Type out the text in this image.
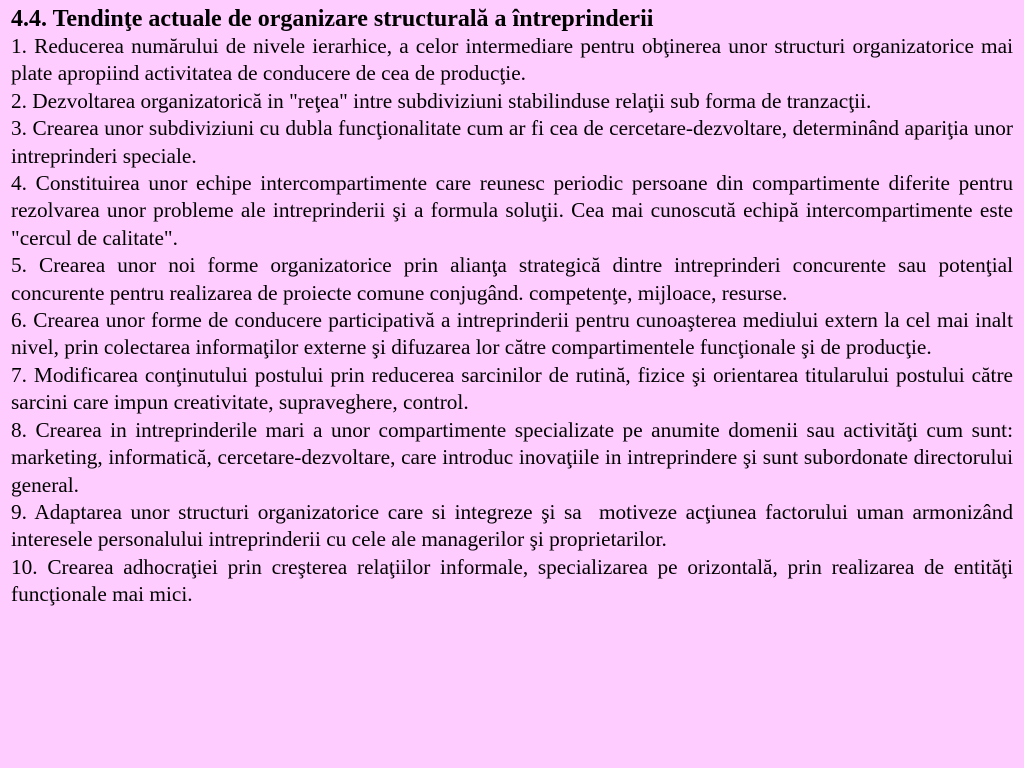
4.4. Tendinţe actuale de organizare structurală a întreprinderii

1. Reducerea numărului de nivele ierarhice, a celor intermediare pentru obţinerea unor structuri organizatorice mai plate apropiind activitatea de conducere de cea de producţie.

2. Dezvoltarea organizatorică in "reţea" intre subdiviziuni stabilinduse relaţii sub forma de tranzacţii.

3. Crearea unor subdiviziuni cu dubla funcţionalitate cum ar fi cea de cercetare-dezvoltare, determinând apariţia unor intreprinderi speciale.

4. Constituirea unor echipe intercompartimente care reunesc periodic persoane din compartimente diferite pentru rezolvarea unor probleme ale intreprinderii şi a formula soluţii. Cea mai cunoscută echipă intercompartimente este "cercul de calitate".

5. Crearea unor noi forme organizatorice prin alianţa strategică dintre intreprinderi concurente sau potenţial concurente pentru realizarea de proiecte comune conjugând. competenţe, mijloace, resurse.

6. Crearea unor forme de conducere participativă a intreprinderii pentru cunoaşterea mediului extern la cel mai inalt nivel, prin colectarea informaţilor externe şi difuzarea lor către compartimentele funcţionale şi de producţie.

7. Modificarea conţinutului postului prin reducerea sarcinilor de rutină, fizice şi orientarea titularului postului către sarcini care impun creativitate, supraveghere, control.

8. Crearea in intreprinderile mari a unor compartimente specializate pe anumite domenii sau activităţi cum sunt: marketing, informatică, cercetare-dezvoltare, care introduc inovaţiile in intreprindere şi sunt subordonate directorului general.

9. Adaptarea unor structuri organizatorice care si integreze şi sa  motiveze acţiunea factorului uman armonizând interesele personalului intreprinderii cu cele ale managerilor şi proprietarilor.

10. Crearea adhocraţiei prin creşterea relaţiilor informale, specializarea pe orizontală, prin realizarea de entităţi funcţionale mai mici.
